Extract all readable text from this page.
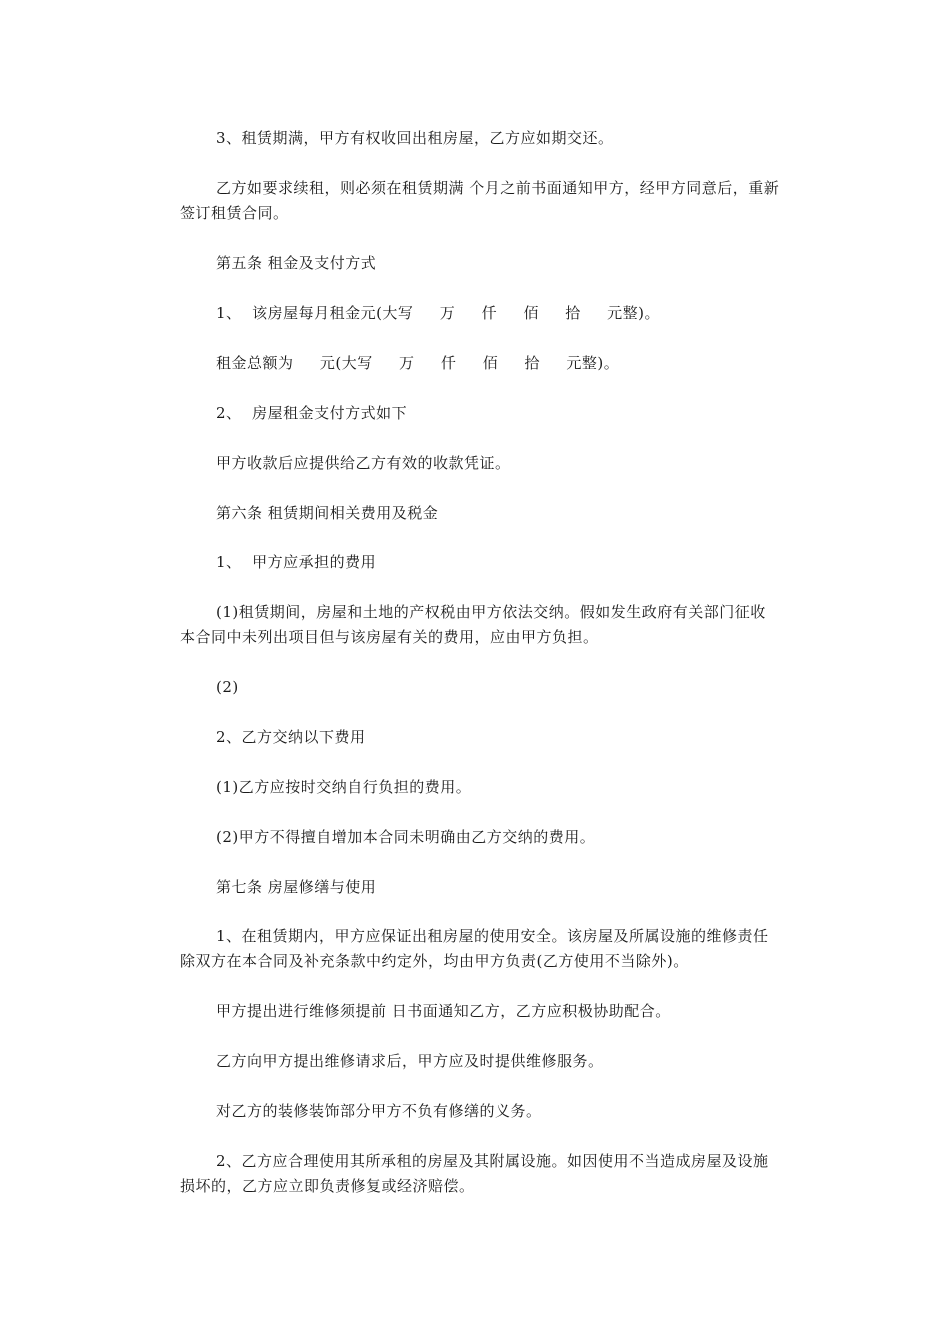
3、租赁期满，甲方有权收回出租房屋，乙方应如期交还。

乙方如要求续租，则必须在租赁期满 个月之前书面通知甲方，经甲方同意后，重新签订租赁合同。

第五条 租金及支付方式

1、  该房屋每月租金元(大写     万     仟     佰     拾     元整)。

租金总额为     元(大写     万     仟     佰     拾     元整)。

2、  房屋租金支付方式如下

甲方收款后应提供给乙方有效的收款凭证。

第六条 租赁期间相关费用及税金

1、  甲方应承担的费用

(1)租赁期间，房屋和土地的产权税由甲方依法交纳。假如发生政府有关部门征收本合同中未列出项目但与该房屋有关的费用，应由甲方负担。

(2)

2、乙方交纳以下费用

(1)乙方应按时交纳自行负担的费用。

(2)甲方不得擅自增加本合同未明确由乙方交纳的费用。

第七条 房屋修缮与使用

1、在租赁期内，甲方应保证出租房屋的使用安全。该房屋及所属设施的维修责任除双方在本合同及补充条款中约定外，均由甲方负责(乙方使用不当除外)。

甲方提出进行维修须提前 日书面通知乙方，乙方应积极协助配合。

乙方向甲方提出维修请求后，甲方应及时提供维修服务。

对乙方的装修装饰部分甲方不负有修缮的义务。

2、乙方应合理使用其所承租的房屋及其附属设施。如因使用不当造成房屋及设施损坏的，乙方应立即负责修复或经济赔偿。
